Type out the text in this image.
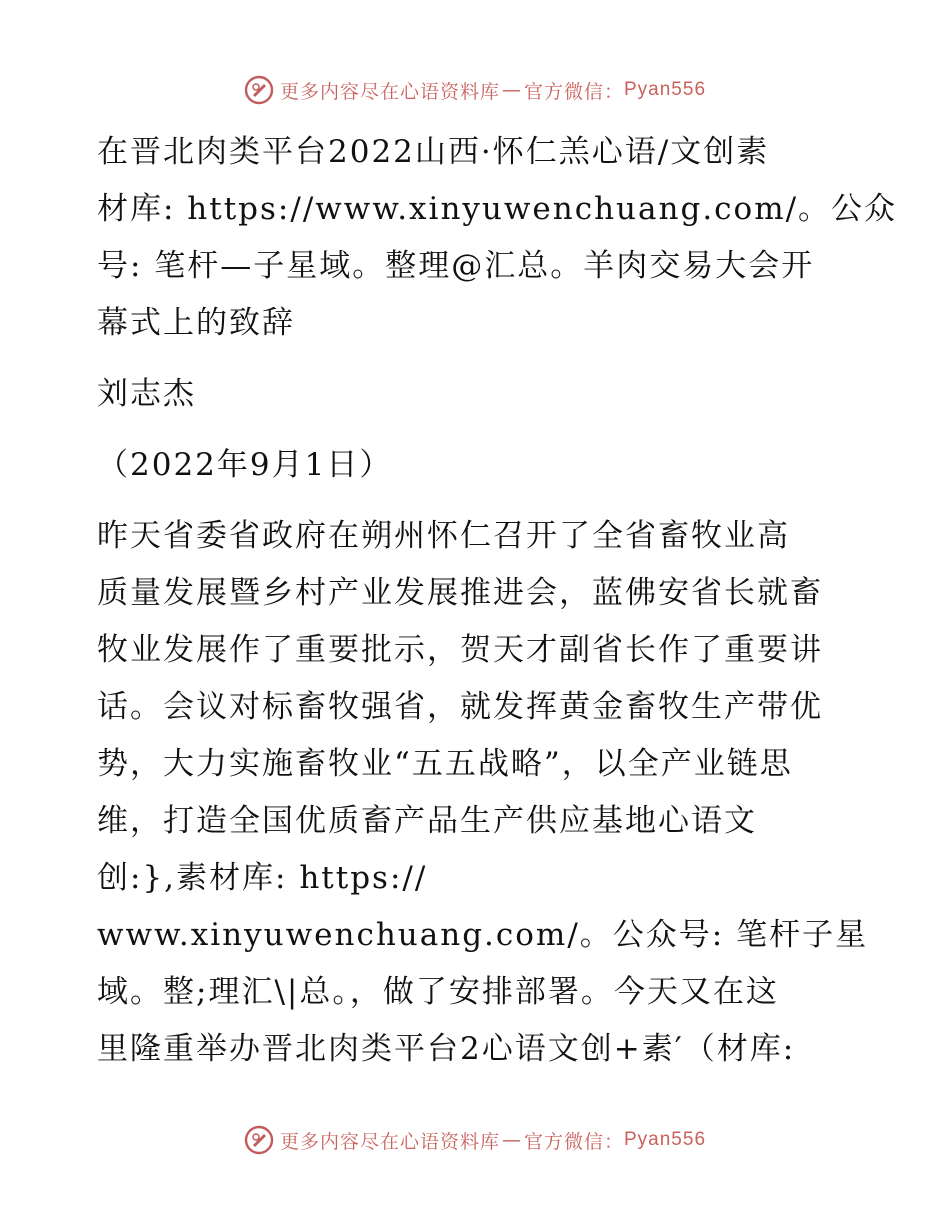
更多内容尽在心语资料库 — 官方微信： Pyan556

在晋北肉类平台2022山西·怀仁羔心语/文创素

材库: https://www.xinyuwenchuang.com/。公众

号: 笔杆—子星域。整理@汇总。羊肉交易大会开

幕式上的致辞

刘志杰

（2022年9月1日）

昨天省委省政府在朔州怀仁召开了全省畜牧业高

质量发展暨乡村产业发展推进会，蓝佛安省长就畜

牧业发展作了重要批示，贺天才副省长作了重要讲

话。会议对标畜牧强省，就发挥黄金畜牧生产带优

势，大力实施畜牧业“五五战略”，以全产业链思

维，打造全国优质畜产品生产供应基地心语文

创:},素材库: https://

www.xinyuwenchuang.com/。公众号: 笔杆子星

域。整;理汇\|总。，做了安排部署。今天又在这

里隆重举办晋北肉类平台2心语文创+素′（材库:

更多内容尽在心语资料库 — 官方微信： Pyan556
